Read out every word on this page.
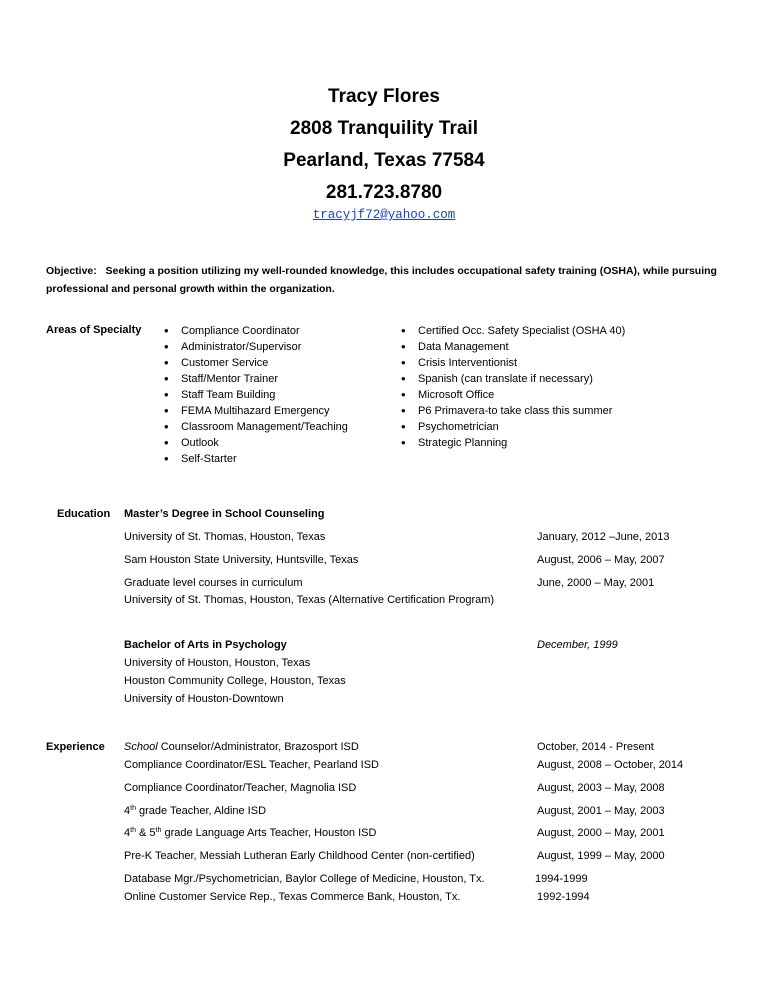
Tracy Flores
2808 Tranquility Trail
Pearland, Texas 77584
281.723.8780
tracyjf72@yahoo.com
Objective: Seeking a position utilizing my well-rounded knowledge, this includes occupational safety training (OSHA), while pursuing professional and personal growth within the organization.
Areas of Specialty
•	Compliance Coordinator
• Administrator/Supervisor
• Customer Service
• Staff/Mentor Trainer
• Staff Team Building
• FEMA Multihazard Emergency
• Classroom Management/Teaching
• Outlook
• Self-Starter
• Certified Occ. Safety Specialist (OSHA 40)
• Data Management
• Crisis Interventionist
• Spanish (can translate if necessary)
• Microsoft Office
• P6 Primavera-to take class this summer
• Psychometrician
• Strategic Planning
Education Master’s Degree in School Counseling
University of St. Thomas, Houston, Texas	January, 2012 –June, 2013
Sam Houston State University, Huntsville, Texas	August, 2006 – May, 2007
Graduate level courses in curriculum	June, 2000 – May, 2001
University of St. Thomas, Houston, Texas (Alternative Certification Program)
Bachelor of Arts in Psychology	December, 1999
University of Houston, Houston, Texas
Houston Community College, Houston, Texas
University of Houston-Downtown
Experience School Counselor/Administrator, Brazosport ISD	October, 2014 - Present
Compliance Coordinator/ESL Teacher, Pearland ISD	August, 2008 – October, 2014
Compliance Coordinator/Teacher, Magnolia ISD	August, 2003 – May, 2008
4th grade Teacher, Aldine ISD	August, 2001 – May, 2003
4th & 5th grade Language Arts Teacher, Houston ISD	August, 2000 – May, 2001
Pre-K Teacher, Messiah Lutheran Early Childhood Center (non-certified)	August, 1999 – May, 2000
Database Mgr./Psychometrician, Baylor College of Medicine, Houston, Tx.	1994-1999
Online Customer Service Rep., Texas Commerce Bank, Houston, Tx.	1992-1994
